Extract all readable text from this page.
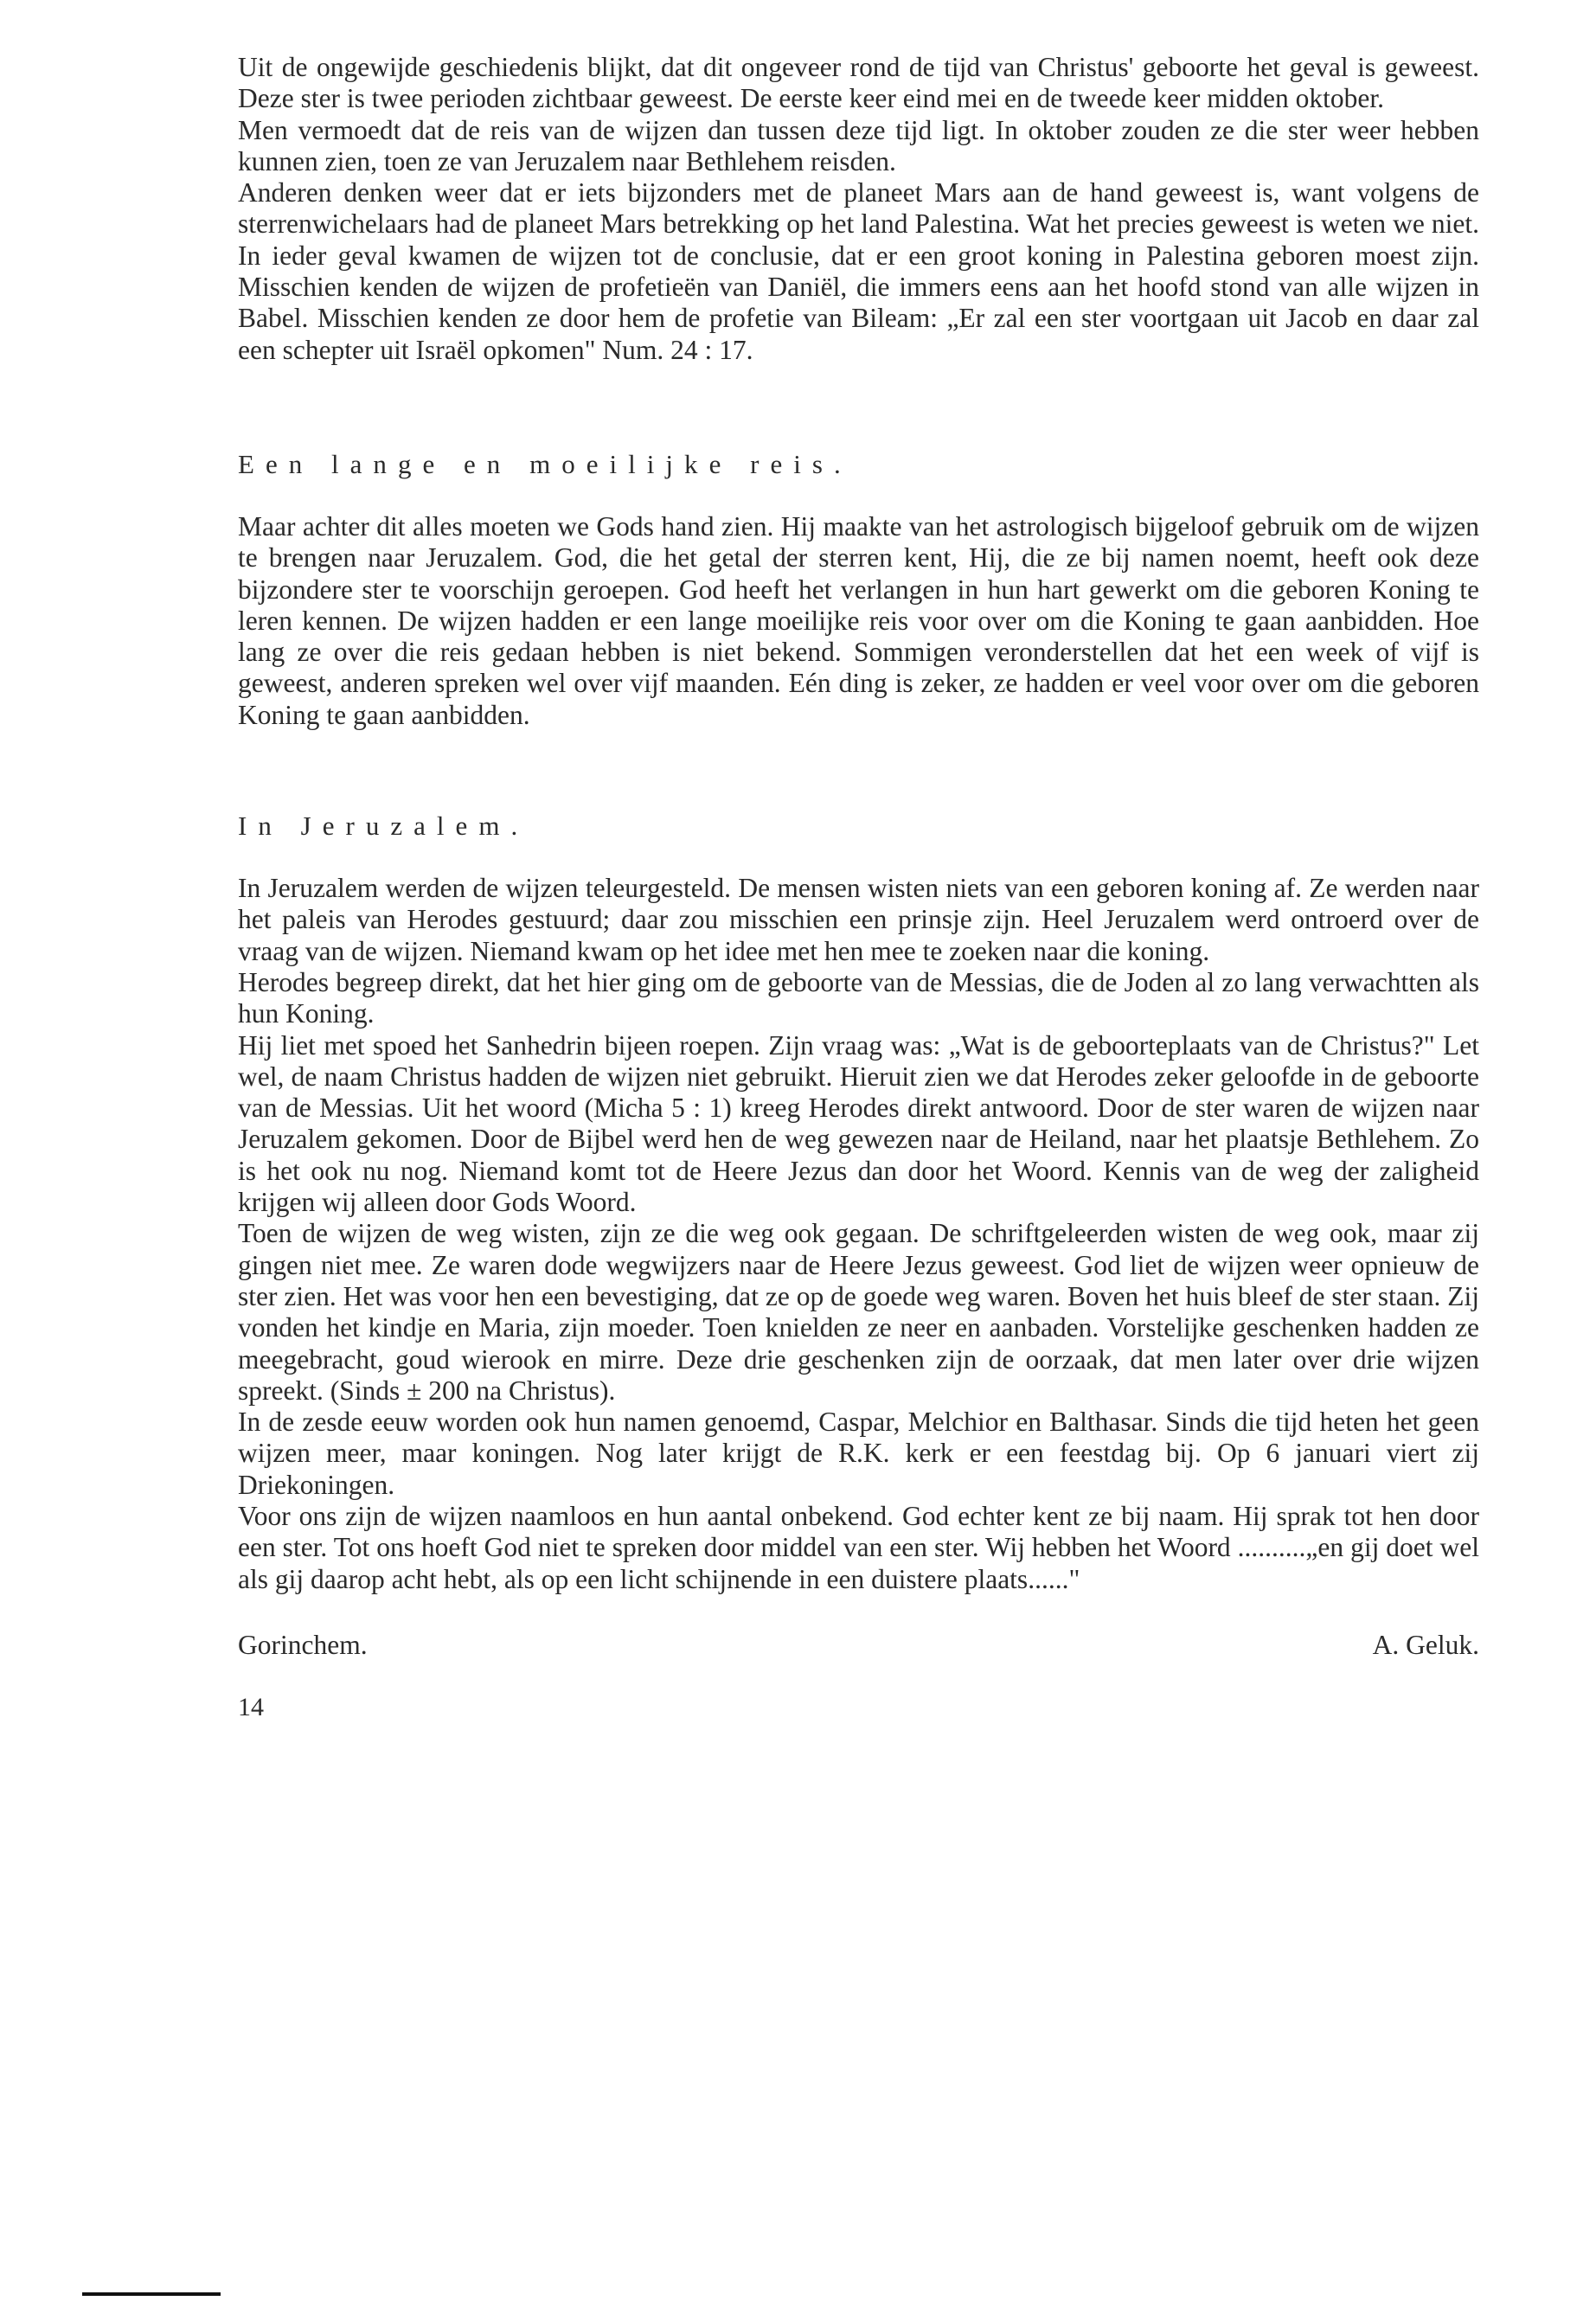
Uit de ongewijde geschiedenis blijkt, dat dit ongeveer rond de tijd van Christus' geboorte het geval is geweest. Deze ster is twee perioden zichtbaar geweest. De eerste keer eind mei en de tweede keer midden oktober.
Men vermoedt dat de reis van de wijzen dan tussen deze tijd ligt. In oktober zouden ze die ster weer hebben kunnen zien, toen ze van Jeruzalem naar Bethlehem reisden.
Anderen denken weer dat er iets bijzonders met de planeet Mars aan de hand geweest is, want volgens de sterrenwichelaars had de planeet Mars betrekking op het land Palestina. Wat het precies geweest is weten we niet. In ieder geval kwamen de wijzen tot de conclusie, dat er een groot koning in Palestina geboren moest zijn. Misschien kenden de wijzen de profetieën van Daniël, die immers eens aan het hoofd stond van alle wijzen in Babel. Misschien kenden ze door hem de profetie van Bileam: „Er zal een ster voortgaan uit Jacob en daar zal een schepter uit Israël opkomen" Num. 24 : 17.

Een lange en moeilijke reis.

Maar achter dit alles moeten we Gods hand zien. Hij maakte van het astrologisch bijgeloof gebruik om de wijzen te brengen naar Jeruzalem. God, die het getal der sterren kent, Hij, die ze bij namen noemt, heeft ook deze bijzondere ster te voorschijn geroepen. God heeft het verlangen in hun hart gewerkt om die geboren Koning te leren kennen. De wijzen hadden er een lange moeilijke reis voor over om die Koning te gaan aanbidden. Hoe lang ze over die reis gedaan hebben is niet bekend. Sommigen veronderstellen dat het een week of vijf is geweest, anderen spreken wel over vijf maanden. Eén ding is zeker, ze hadden er veel voor over om die geboren Koning te gaan aanbidden.

In Jeruzalem.

In Jeruzalem werden de wijzen teleurgesteld. De mensen wisten niets van een geboren koning af. Ze werden naar het paleis van Herodes gestuurd; daar zou misschien een prinsje zijn. Heel Jeruzalem werd ontroerd over de vraag van de wijzen. Niemand kwam op het idee met hen mee te zoeken naar die koning.
Herodes begreep direkt, dat het hier ging om de geboorte van de Messias, die de Joden al zo lang verwachtten als hun Koning.
Hij liet met spoed het Sanhedrin bijeen roepen. Zijn vraag was: „Wat is de geboorteplaats van de Christus?" Let wel, de naam Christus hadden de wijzen niet gebruikt. Hieruit zien we dat Herodes zeker geloofde in de geboorte van de Messias. Uit het woord (Micha 5 : 1) kreeg Herodes direkt antwoord. Door de ster waren de wijzen naar Jeruzalem gekomen. Door de Bijbel werd hen de weg gewezen naar de Heiland, naar het plaatsje Bethlehem. Zo is het ook nu nog. Niemand komt tot de Heere Jezus dan door het Woord. Kennis van de weg der zaligheid krijgen wij alleen door Gods Woord.
Toen de wijzen de weg wisten, zijn ze die weg ook gegaan. De schriftgeleerden wisten de weg ook, maar zij gingen niet mee. Ze waren dode wegwijzers naar de Heere Jezus geweest. God liet de wijzen weer opnieuw de ster zien. Het was voor hen een bevestiging, dat ze op de goede weg waren. Boven het huis bleef de ster staan. Zij vonden het kindje en Maria, zijn moeder. Toen knielden ze neer en aanbaden. Vorstelijke geschenken hadden ze meegebracht, goud wierook en mirre. Deze drie geschenken zijn de oorzaak, dat men later over drie wijzen spreekt. (Sinds ± 200 na Christus).
In de zesde eeuw worden ook hun namen genoemd, Caspar, Melchior en Balthasar. Sinds die tijd heten het geen wijzen meer, maar koningen. Nog later krijgt de R.K. kerk er een feestdag bij. Op 6 januari viert zij Driekoningen.
Voor ons zijn de wijzen naamloos en hun aantal onbekend. God echter kent ze bij naam. Hij sprak tot hen door een ster. Tot ons hoeft God niet te spreken door middel van een ster. Wij hebben het Woord ..........„en gij doet wel als gij daarop acht hebt, als op een licht schijnende in een duistere plaats......"

Gorinchem.	A. Geluk.
14
